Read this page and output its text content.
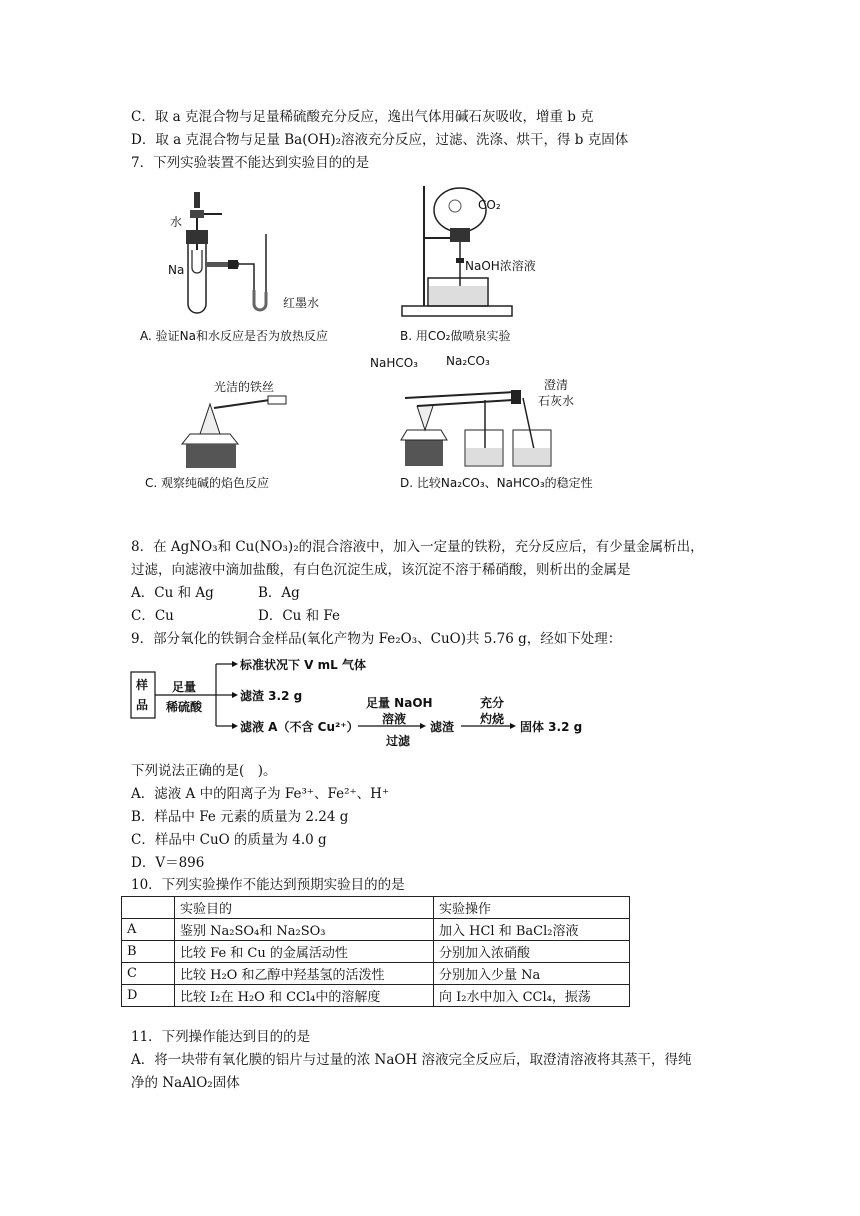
C．取 a 克混合物与足量稀硫酸充分反应，逸出气体用碱石灰吸收，增重 b 克
D．取 a 克混合物与足量 Ba(OH)₂溶液充分反应，过滤、洗涤、烘干，得 b 克固体
7．下列实验装置不能达到实验目的的是
水
Na
红墨水
A. 验证Na和水反应是否为放热反应
CO₂
NaOH浓溶液
B. 用CO₂做喷泉实验
光洁的铁丝
C. 观察纯碱的焰色反应
NaHCO₃ Na₂CO₃
澄清
石灰水
D. 比较Na₂CO₃、NaHCO₃的稳定性
8．在 AgNO₃和 Cu(NO₃)₂的混合溶液中，加入一定量的铁粉，充分反应后，有少量金属析出，
过滤，向滤液中滴加盐酸，有白色沉淀生成，该沉淀不溶于稀硝酸，则析出的金属是
A．Cu 和 Ag	B．Ag
C．Cu	D．Cu 和 Fe
9．部分氧化的铁铜合金样品(氧化产物为 Fe₂O₃、CuO)共 5.76 g，经如下处理：
样
品
足量
稀硫酸
标准状况下 V mL 气体
滤渣 3.2 g
滤液 A（不含 Cu²⁺）
足量 NaOH
溶液
过滤
滤渣
充分
灼烧
固体 3.2 g
下列说法正确的是(　)。
A．滤液 A 中的阳离子为 Fe³⁺、Fe²⁺、H⁺
B．样品中 Fe 元素的质量为 2.24 g
C．样品中 CuO 的质量为 4.0 g
D．V＝896
10．下列实验操作不能达到预期实验目的的是
	实验目的	实验操作
A	鉴别 Na₂SO₄和 Na₂SO₃	加入 HCl 和 BaCl₂溶液
B	比较 Fe 和 Cu 的金属活动性	分别加入浓硝酸
C	比较 H₂O 和乙醇中羟基氢的活泼性	分别加入少量 Na
D	比较 I₂在 H₂O 和 CCl₄中的溶解度	向 I₂水中加入 CCl₄，振荡
11．下列操作能达到目的的是
A．将一块带有氧化膜的铝片与过量的浓 NaOH 溶液完全反应后，取澄清溶液将其蒸干，得纯
净的 NaAlO₂固体
